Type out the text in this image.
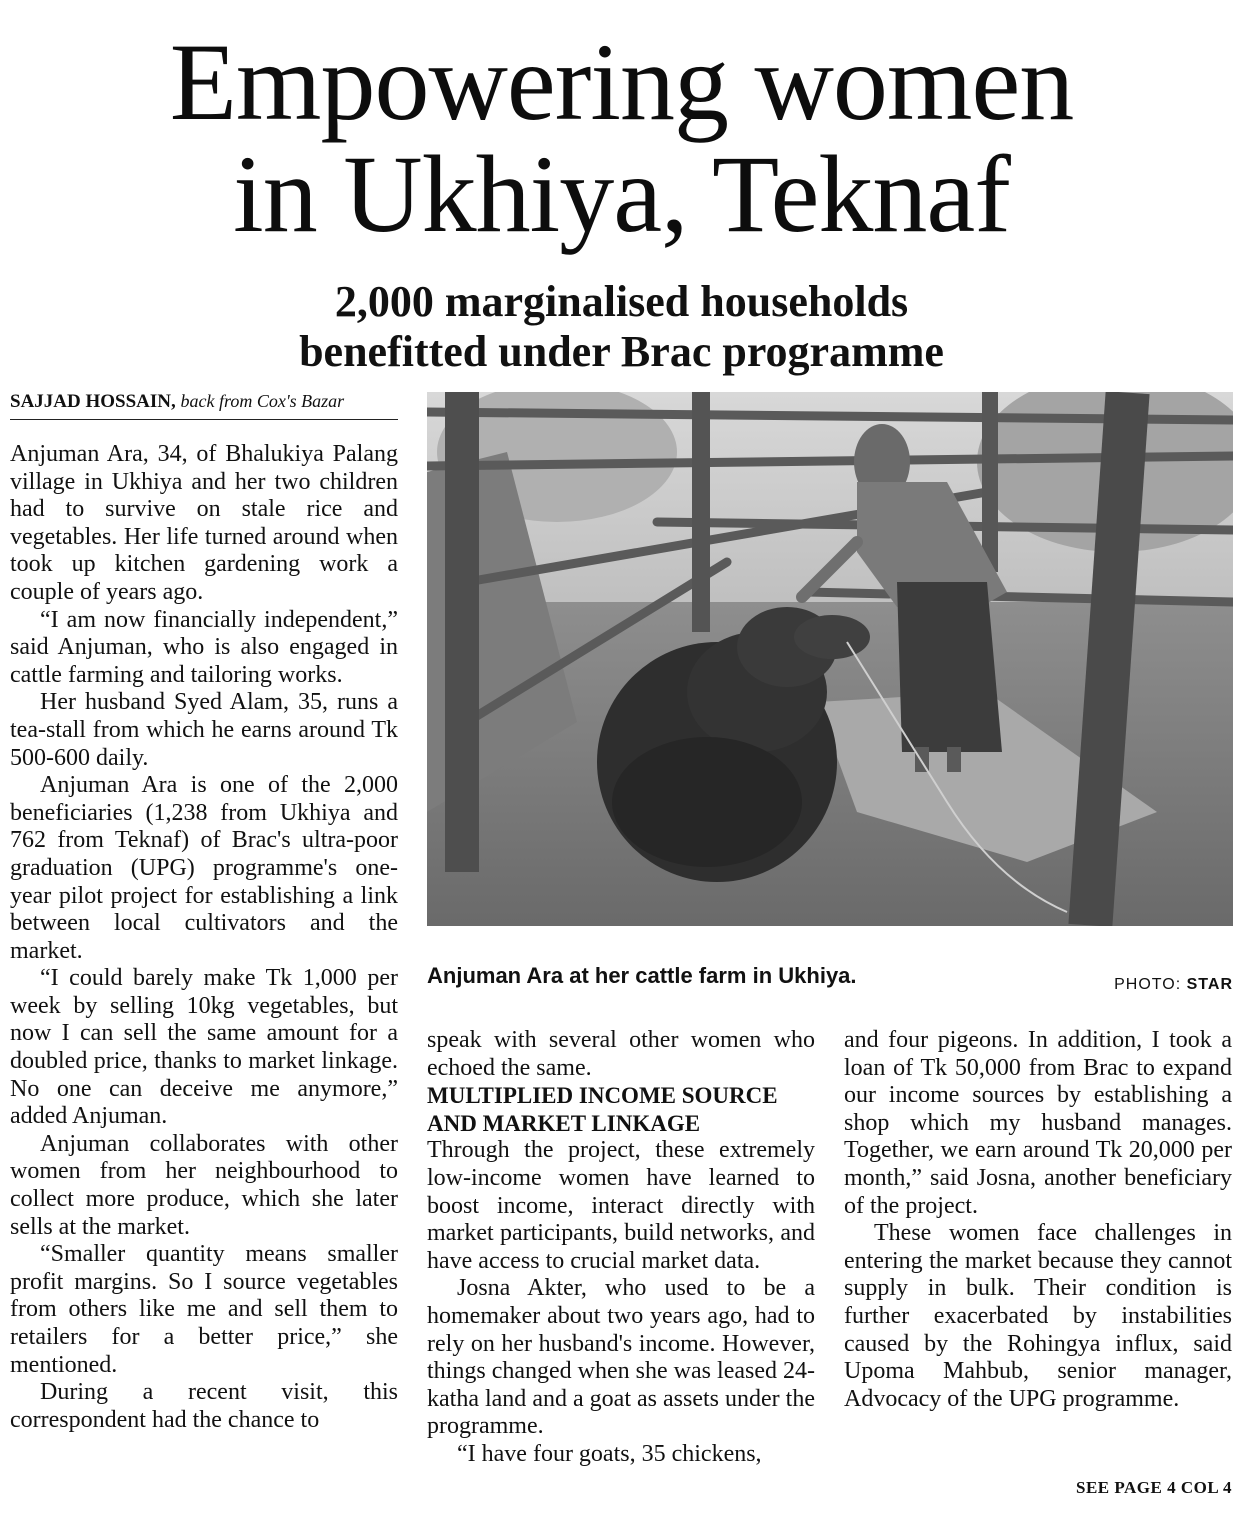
Empowering women
in Ukhiya, Teknaf
2,000 marginalised households
benefitted under Brac programme
SAJJAD HOSSAIN, back from Cox's Bazar

Anjuman Ara, 34, of Bhalukiya Palang village in Ukhiya and her two children had to survive on stale rice and vegetables. Her life turned around when took up kitchen gardening work a couple of years ago.

“I am now financially independent,” said Anjuman, who is also engaged in cattle farming and tailoring works.

Her husband Syed Alam, 35, runs a tea-stall from which he earns around Tk 500-600 daily.

Anjuman Ara is one of the 2,000 beneficiaries (1,238 from Ukhiya and 762 from Teknaf) of Brac's ultra-poor graduation (UPG) programme's one-year pilot project for establishing a link between local cultivators and the market.

“I could barely make Tk 1,000 per week by selling 10kg vegetables, but now I can sell the same amount for a doubled price, thanks to market linkage. No one can deceive me anymore,” added Anjuman.

Anjuman collaborates with other women from her neighbourhood to collect more produce, which she later sells at the market.

“Smaller quantity means smaller profit margins. So I source vegetables from others like me and sell them to retailers for a better price,” she mentioned.

During a recent visit, this correspondent had the chance to

Anjuman Ara at her cattle farm in Ukhiya.	PHOTO: STAR

speak with several other women who echoed the same.

MULTIPLIED INCOME SOURCE AND MARKET LINKAGE

Through the project, these extremely low-income women have learned to boost income, interact directly with market participants, build networks, and have access to crucial market data.

Josna Akter, who used to be a homemaker about two years ago, had to rely on her husband's income. However, things changed when she was leased 24-katha land and a goat as assets under the programme.

“I have four goats, 35 chickens,

and four pigeons. In addition, I took a loan of Tk 50,000 from Brac to expand our income sources by establishing a shop which my husband manages. Together, we earn around Tk 20,000 per month,” said Josna, another beneficiary of the project.

These women face challenges in entering the market because they cannot supply in bulk. Their condition is further exacerbated by instabilities caused by the Rohingya influx, said Upoma Mahbub, senior manager, Advocacy of the UPG programme.

SEE PAGE 4 COL 4
